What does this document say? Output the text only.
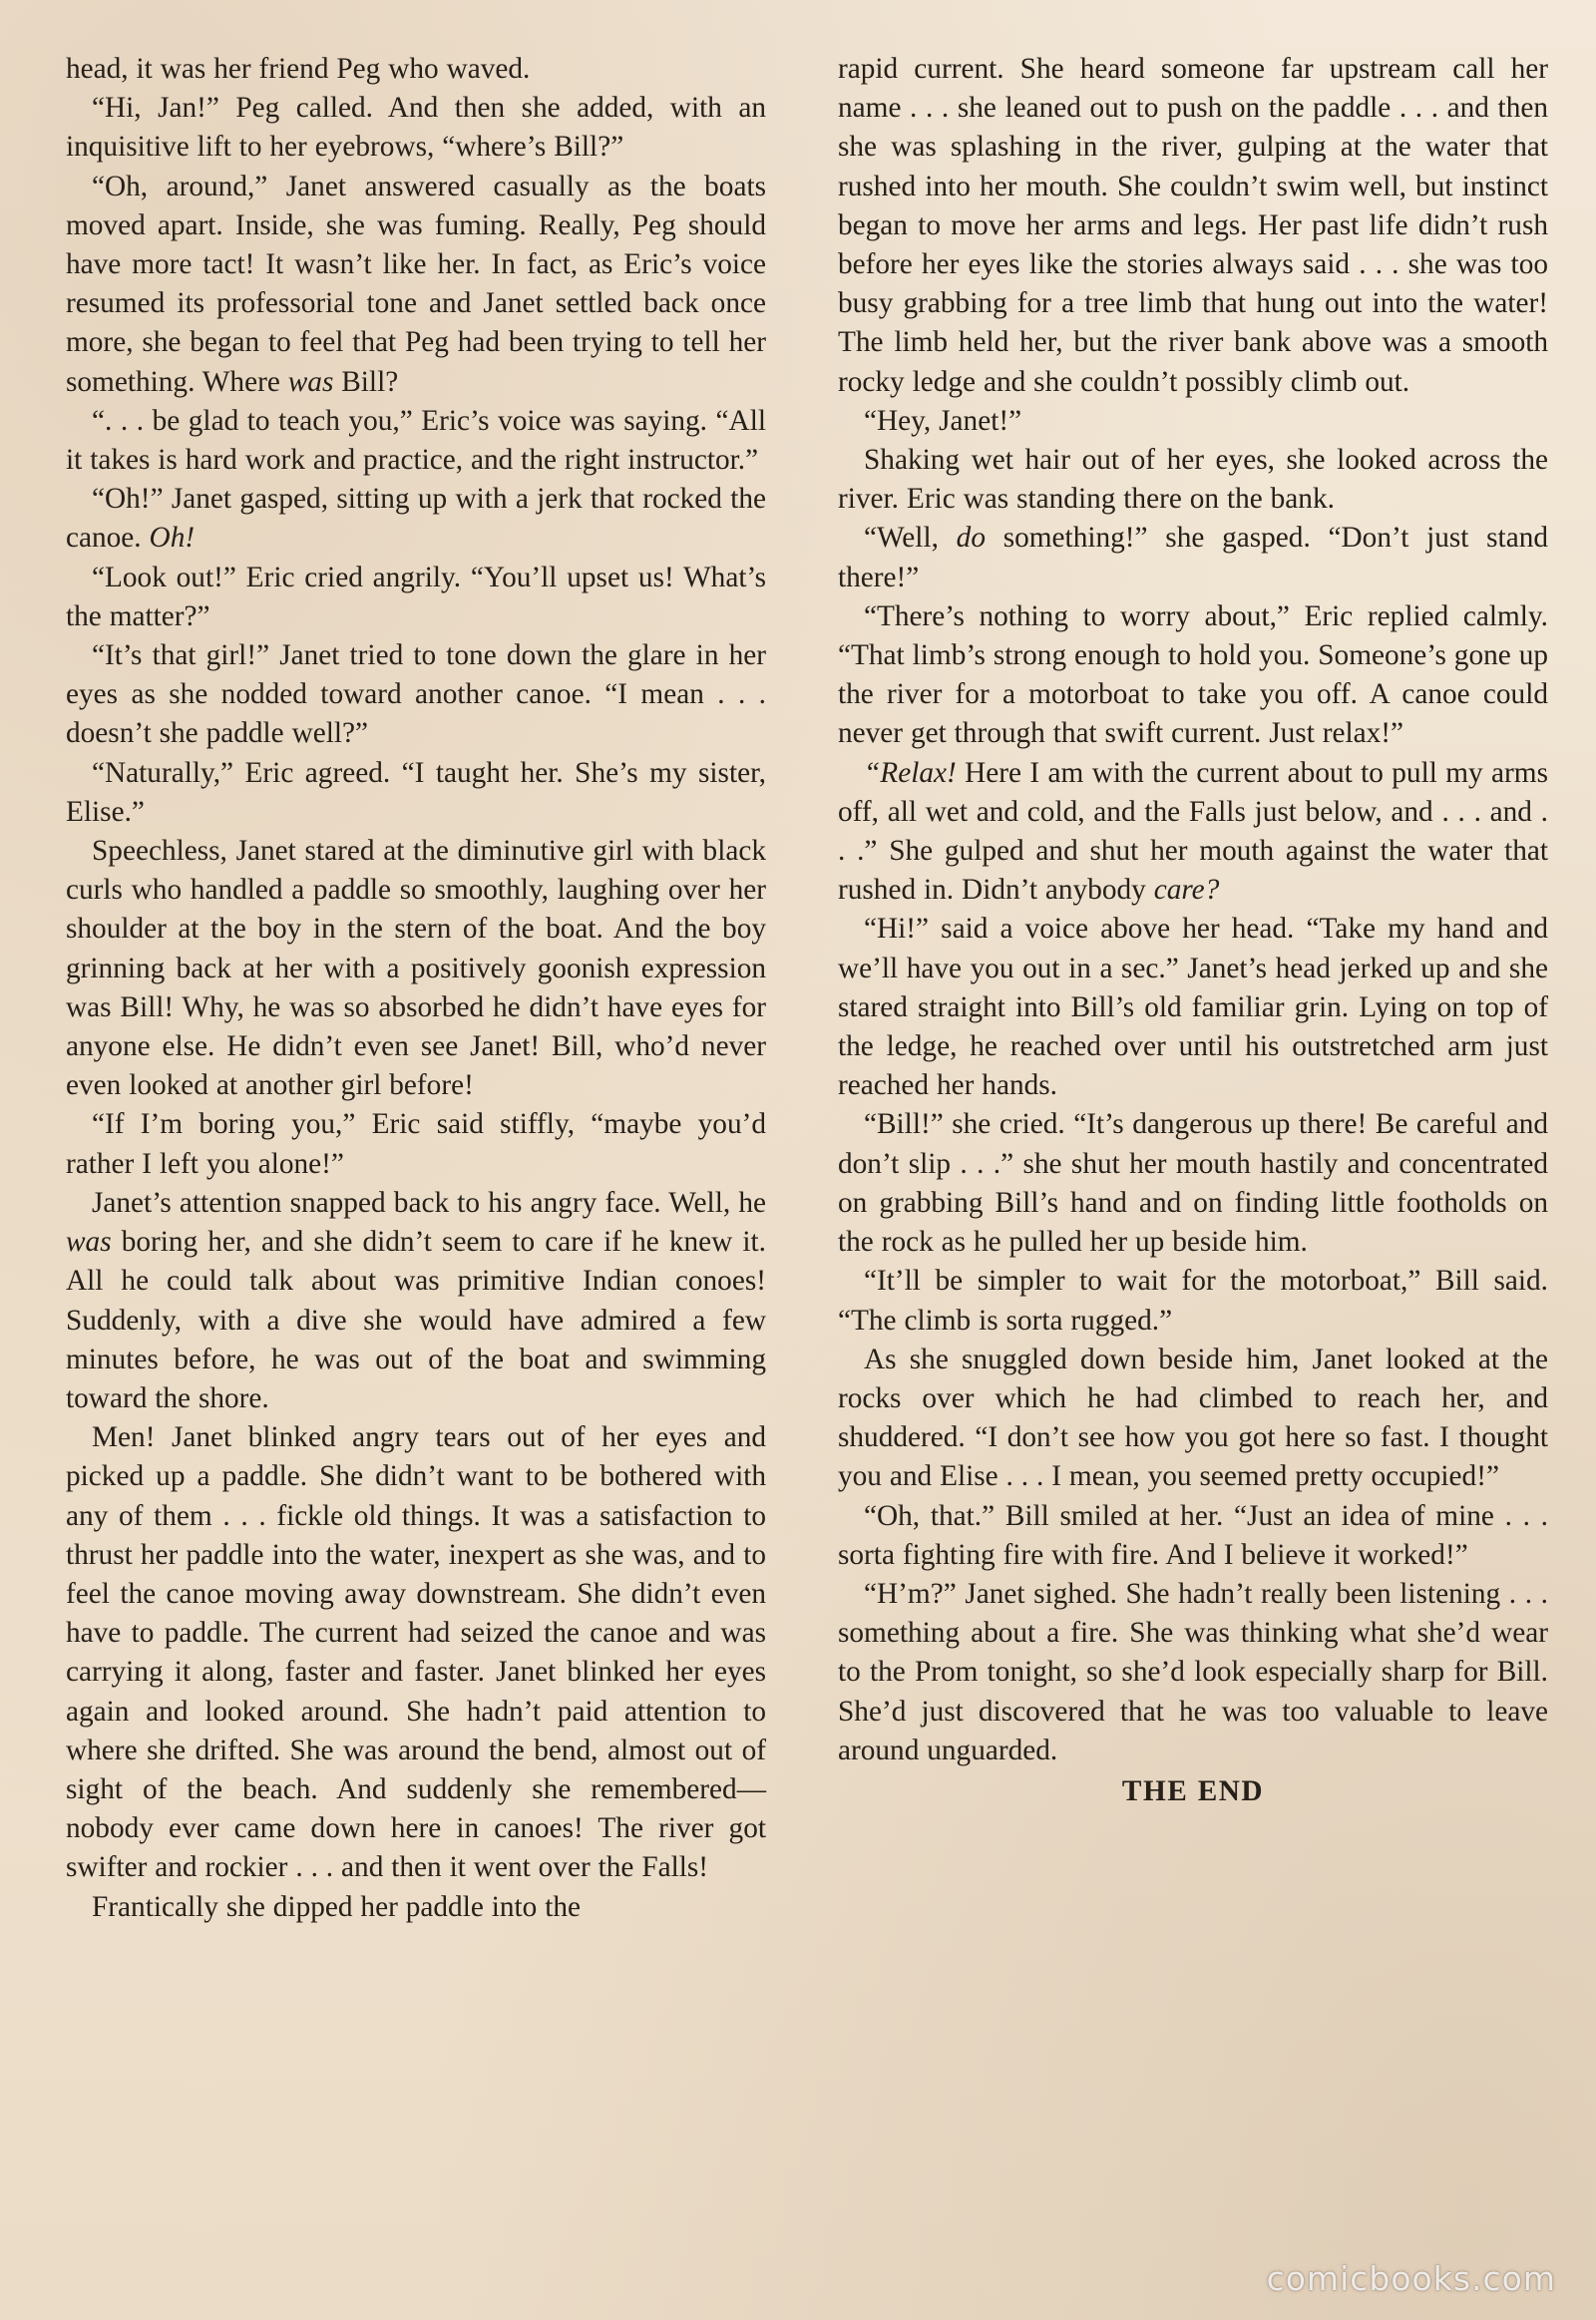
head, it was her friend Peg who waved.

“Hi, Jan!” Peg called. And then she added, with an inquisitive lift to her eyebrows, “where’s Bill?”

“Oh, around,” Janet answered casually as the boats moved apart. Inside, she was fuming. Really, Peg should have more tact! It wasn’t like her. In fact, as Eric’s voice resumed its professorial tone and Janet settled back once more, she began to feel that Peg had been trying to tell her something. Where was Bill?

“. . . be glad to teach you,” Eric’s voice was saying. “All it takes is hard work and practice, and the right instructor.”

“Oh!” Janet gasped, sitting up with a jerk that rocked the canoe. Oh!

“Look out!” Eric cried angrily. “You’ll upset us! What’s the matter?”

“It’s that girl!” Janet tried to tone down the glare in her eyes as she nodded toward another canoe. “I mean . . . doesn’t she paddle well?”

“Naturally,” Eric agreed. “I taught her. She’s my sister, Elise.”

Speechless, Janet stared at the diminutive girl with black curls who handled a paddle so smoothly, laughing over her shoulder at the boy in the stern of the boat. And the boy grinning back at her with a positively goonish expression was Bill! Why, he was so absorbed he didn’t have eyes for anyone else. He didn’t even see Janet! Bill, who’d never even looked at another girl before!

“If I’m boring you,” Eric said stiffly, “maybe you’d rather I left you alone!”

Janet’s attention snapped back to his angry face. Well, he was boring her, and she didn’t seem to care if he knew it. All he could talk about was primitive Indian conoes! Suddenly, with a dive she would have admired a few minutes before, he was out of the boat and swimming toward the shore.

Men! Janet blinked angry tears out of her eyes and picked up a paddle. She didn’t want to be bothered with any of them . . . fickle old things. It was a satisfaction to thrust her paddle into the water, inexpert as she was, and to feel the canoe moving away downstream. She didn’t even have to paddle. The current had seized the canoe and was carrying it along, faster and faster. Janet blinked her eyes again and looked around. She hadn’t paid attention to where she drifted. She was around the bend, almost out of sight of the beach. And suddenly she remembered—nobody ever came down here in canoes! The river got swifter and rockier . . . and then it went over the Falls!

Frantically she dipped her paddle into the

rapid current. She heard someone far upstream call her name . . . she leaned out to push on the paddle . . . and then she was splashing in the river, gulping at the water that rushed into her mouth. She couldn’t swim well, but instinct began to move her arms and legs. Her past life didn’t rush before her eyes like the stories always said . . . she was too busy grabbing for a tree limb that hung out into the water! The limb held her, but the river bank above was a smooth rocky ledge and she couldn’t possibly climb out.

“Hey, Janet!”

Shaking wet hair out of her eyes, she looked across the river. Eric was standing there on the bank.

“Well, do something!” she gasped. “Don’t just stand there!”

“There’s nothing to worry about,” Eric replied calmly. “That limb’s strong enough to hold you. Someone’s gone up the river for a motorboat to take you off. A canoe could never get through that swift current. Just relax!”

“Relax! Here I am with the current about to pull my arms off, all wet and cold, and the Falls just below, and . . . and . . .” She gulped and shut her mouth against the water that rushed in. Didn’t anybody care?

“Hi!” said a voice above her head. “Take my hand and we’ll have you out in a sec.” Janet’s head jerked up and she stared straight into Bill’s old familiar grin. Lying on top of the ledge, he reached over until his outstretched arm just reached her hands.

“Bill!” she cried. “It’s dangerous up there! Be careful and don’t slip . . .” she shut her mouth hastily and concentrated on grabbing Bill’s hand and on finding little footholds on the rock as he pulled her up beside him.

“It’ll be simpler to wait for the motorboat,” Bill said. “The climb is sorta rugged.”

As she snuggled down beside him, Janet looked at the rocks over which he had climbed to reach her, and shuddered. “I don’t see how you got here so fast. I thought you and Elise . . . I mean, you seemed pretty occupied!”

“Oh, that.” Bill smiled at her. “Just an idea of mine . . . sorta fighting fire with fire. And I believe it worked!”

“H’m?” Janet sighed. She hadn’t really been listening . . . something about a fire. She was thinking what she’d wear to the Prom tonight, so she’d look especially sharp for Bill. She’d just discovered that he was too valuable to leave around unguarded.

THE END

comicbooks.com
